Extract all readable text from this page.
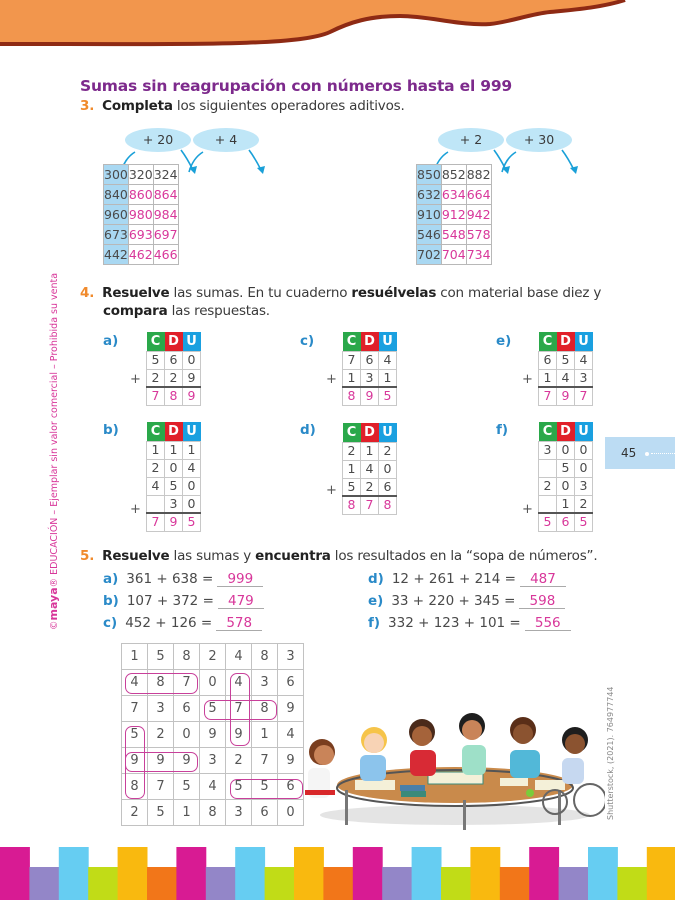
Sumas sin reagrupación con números hasta el 999
3. Completa los siguientes operadores aditivos.
+ 20	+ 4
300	320	324
840	860	864
960	980	984
673	693	697
442	462	466
+ 2	+ 30
850	852	882
632	634	664
910	912	942
546	548	578
702	704	734
4. Resuelve las sumas. En tu cuaderno resuélvelas con material base diez y
compara las respuestas.
a) C	D	U
5	6	0
2	2	9
7	8	9
+
c)	C	D	U
7	6	4
1	3	1
8	9	5
+
e) C	D	U
6	5	4
1	4	3
7	9	7
+
b) C	D	U
1	1	1
2	0	4
4	5	0
	3	0
7	9	5
+
d) C	D	U
2	1	2
1	4	0
5	2	6
8	7	8
+
f)	C	D	U
3	0	0
	5	0
2	0	3
	1	2
5	6	5
+
45
5. Resuelve las sumas y encuentra los resultados en la “sopa de números”.
a) 361 + 638 = 999
b) 107 + 372 = 479
c) 452 + 126 = 578
d) 12 + 261 + 214 = 487
e) 33 + 220 + 345 = 598
f) 332 + 123 + 101 = 556
1	5	8	2	4	8	3
4	8	7	0	4	3	6
7	3	6	5	7	8	9
5	2	0	9	9	1	4
9	9	9	3	2	7	9
8	7	5	4	5	5	6
2	5	1	8	3	6	0
©maya® EDUCACIÓN – Ejemplar sin valor comercial – Prohibida su venta
Shutterstock, (2021). 764977744
